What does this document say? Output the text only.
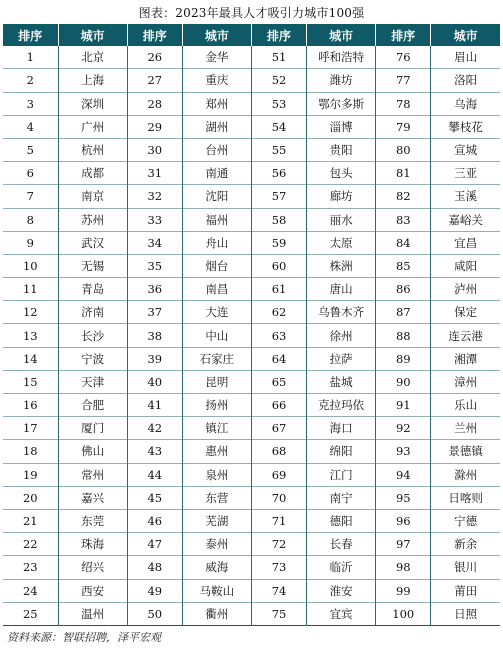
图表：2023年最具人才吸引力城市100强
排序	城市	排序	城市	排序	城市	排序	城市
1	北京	26	金华	51	呼和浩特	76	眉山
2	上海	27	重庆	52	潍坊	77	洛阳
3	深圳	28	郑州	53	鄂尔多斯	78	乌海
4	广州	29	湖州	54	淄博	79	攀枝花
5	杭州	30	台州	55	贵阳	80	宣城
6	成都	31	南通	56	包头	81	三亚
7	南京	32	沈阳	57	廊坊	82	玉溪
8	苏州	33	福州	58	丽水	83	嘉峪关
9	武汉	34	舟山	59	太原	84	宜昌
10	无锡	35	烟台	60	株洲	85	咸阳
11	青岛	36	南昌	61	唐山	86	泸州
12	济南	37	大连	62	乌鲁木齐	87	保定
13	长沙	38	中山	63	徐州	88	连云港
14	宁波	39	石家庄	64	拉萨	89	湘潭
15	天津	40	昆明	65	盐城	90	漳州
16	合肥	41	扬州	66	克拉玛依	91	乐山
17	厦门	42	镇江	67	海口	92	兰州
18	佛山	43	惠州	68	绵阳	93	景德镇
19	常州	44	泉州	69	江门	94	滁州
20	嘉兴	45	东营	70	南宁	95	日喀则
21	东莞	46	芜湖	71	德阳	96	宁德
22	珠海	47	泰州	72	长春	97	新余
23	绍兴	48	威海	73	临沂	98	银川
24	西安	49	马鞍山	74	淮安	99	莆田
25	温州	50	衢州	75	宜宾	100	日照
资料来源：智联招聘，泽平宏观
